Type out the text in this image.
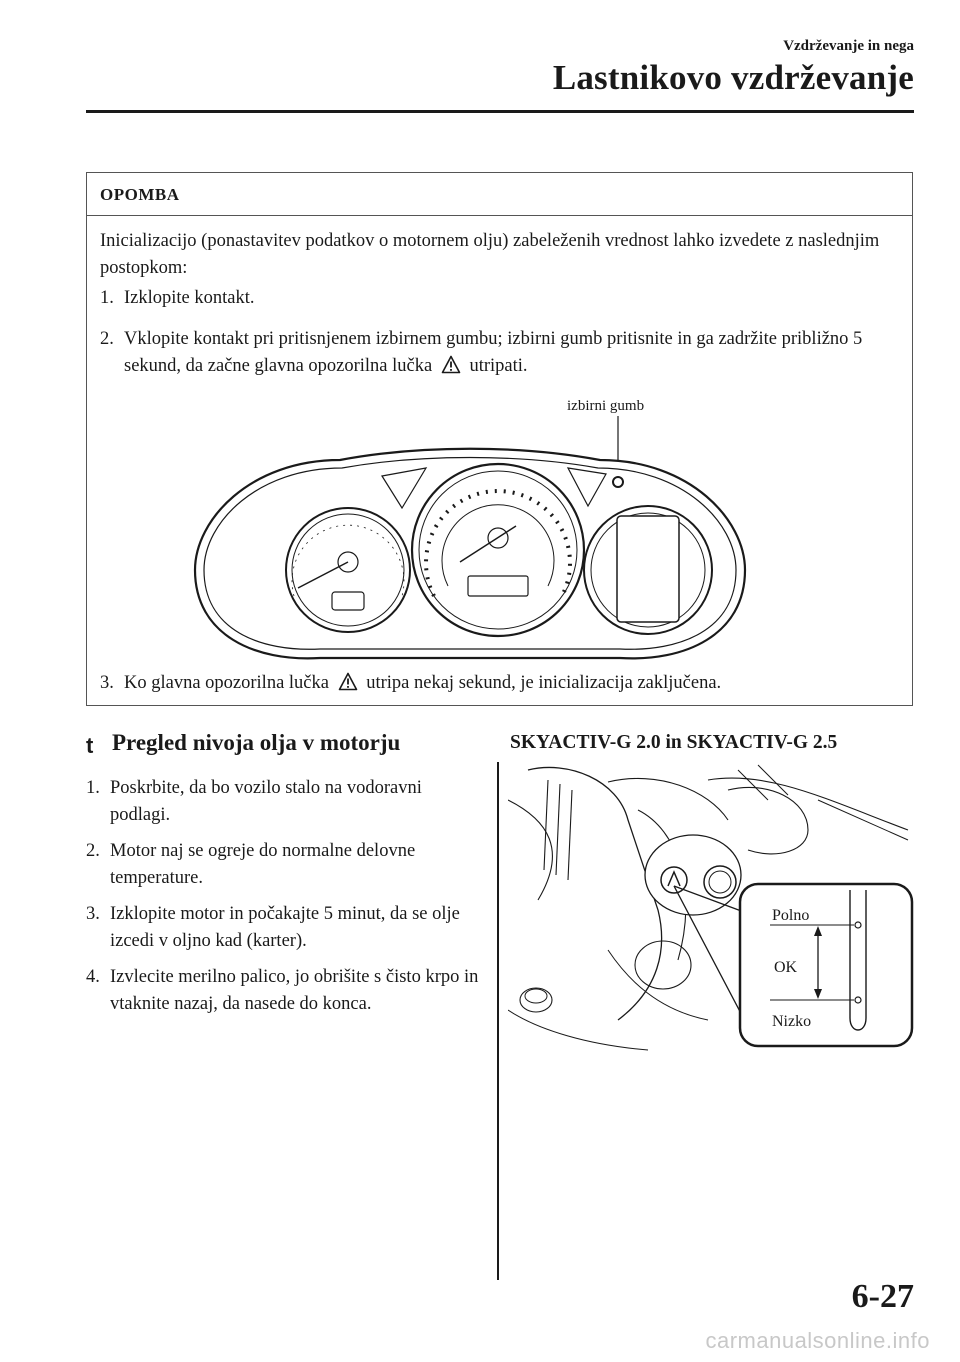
Vzdrževanje in nega
Lastnikovo vzdrževanje
OPOMBA
Inicializacijo (ponastavitev podatkov o motornem olju) zabeleženih vrednost lahko izvedete z naslednjim postopkom:
1. Izklopite kontakt.
2. Vklopite kontakt pri pritisnjenem izbirnem gumbu; izbirni gumb pritisnite in ga zadržite približno 5 sekund, da začne glavna opozorilna lučka utripati.
3. Ko glavna opozorilna lučka utripa nekaj sekund, je inicializacija zaključena.
izbirni gumb
t Pregled nivoja olja v motorju
1. Poskrbite, da bo vozilo stalo na vodoravni podlagi.
2. Motor naj se ogreje do normalne delovne temperature.
3. Izklopite motor in počakajte 5 minut, da se olje izcedi v oljno kad (karter).
4. Izvlecite merilno palico, jo obrišite s čisto krpo in vtaknite nazaj, da nasede do konca.
SKYACTIV-G 2.0 in SKYACTIV-G 2.5
Polno
OK
Nizko
6-27
carmanualsonline.info
